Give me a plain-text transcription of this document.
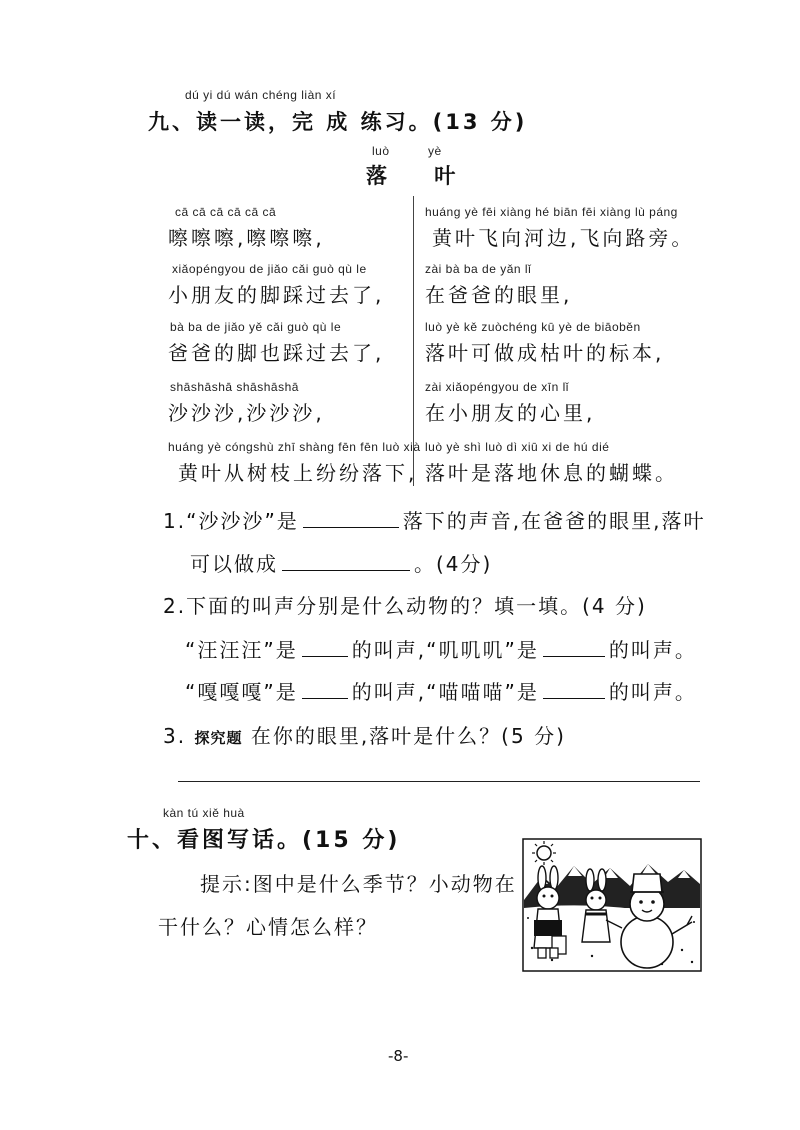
dú yi dú wán chéng liàn xí
九、读一读，完 成 练习。(13 分)
luò	yè
落 叶
cā cā cā cā cā cā
嚓嚓嚓,嚓嚓嚓,
xiǎopéngyou de jiǎo cǎi guò qù le
小朋友的脚踩过去了,
bà ba de jiǎo yě cǎi guò qù le
爸爸的脚也踩过去了,
shāshāshā shāshāshā
沙沙沙,沙沙沙,
huáng yè cóngshù zhī shàng fēn fēn luò xià
黄叶从树枝上纷纷落下,
huáng yè fēi xiàng hé biān fēi xiàng lù páng
黄叶飞向河边,飞向路旁。
zài bà ba de yǎn lǐ
在爸爸的眼里,
luò yè kě zuòchéng kū yè de biāoběn
落叶可做成枯叶的标本,
zài xiǎopéngyou de xīn lǐ
在小朋友的心里,
luò yè shì luò dì xiū xi de hú dié
落叶是落地休息的蝴蝶。
1.“沙沙沙”是	落下的声音,在爸爸的眼里,落叶
可以做成	。(4分)
2.下面的叫声分别是什么动物的？填一填。(4 分)
“汪汪汪”是	的叫声,“叽叽叽”是	的叫声。
“嘎嘎嘎”是	的叫声,“喵喵喵”是	的叫声。
3. 探究题 在你的眼里,落叶是什么？(5 分)
kàn tú xiě huà
十、看图写话。(15 分)
提示:图中是什么季节？小动物在
干什么？心情怎么样？
-8-
